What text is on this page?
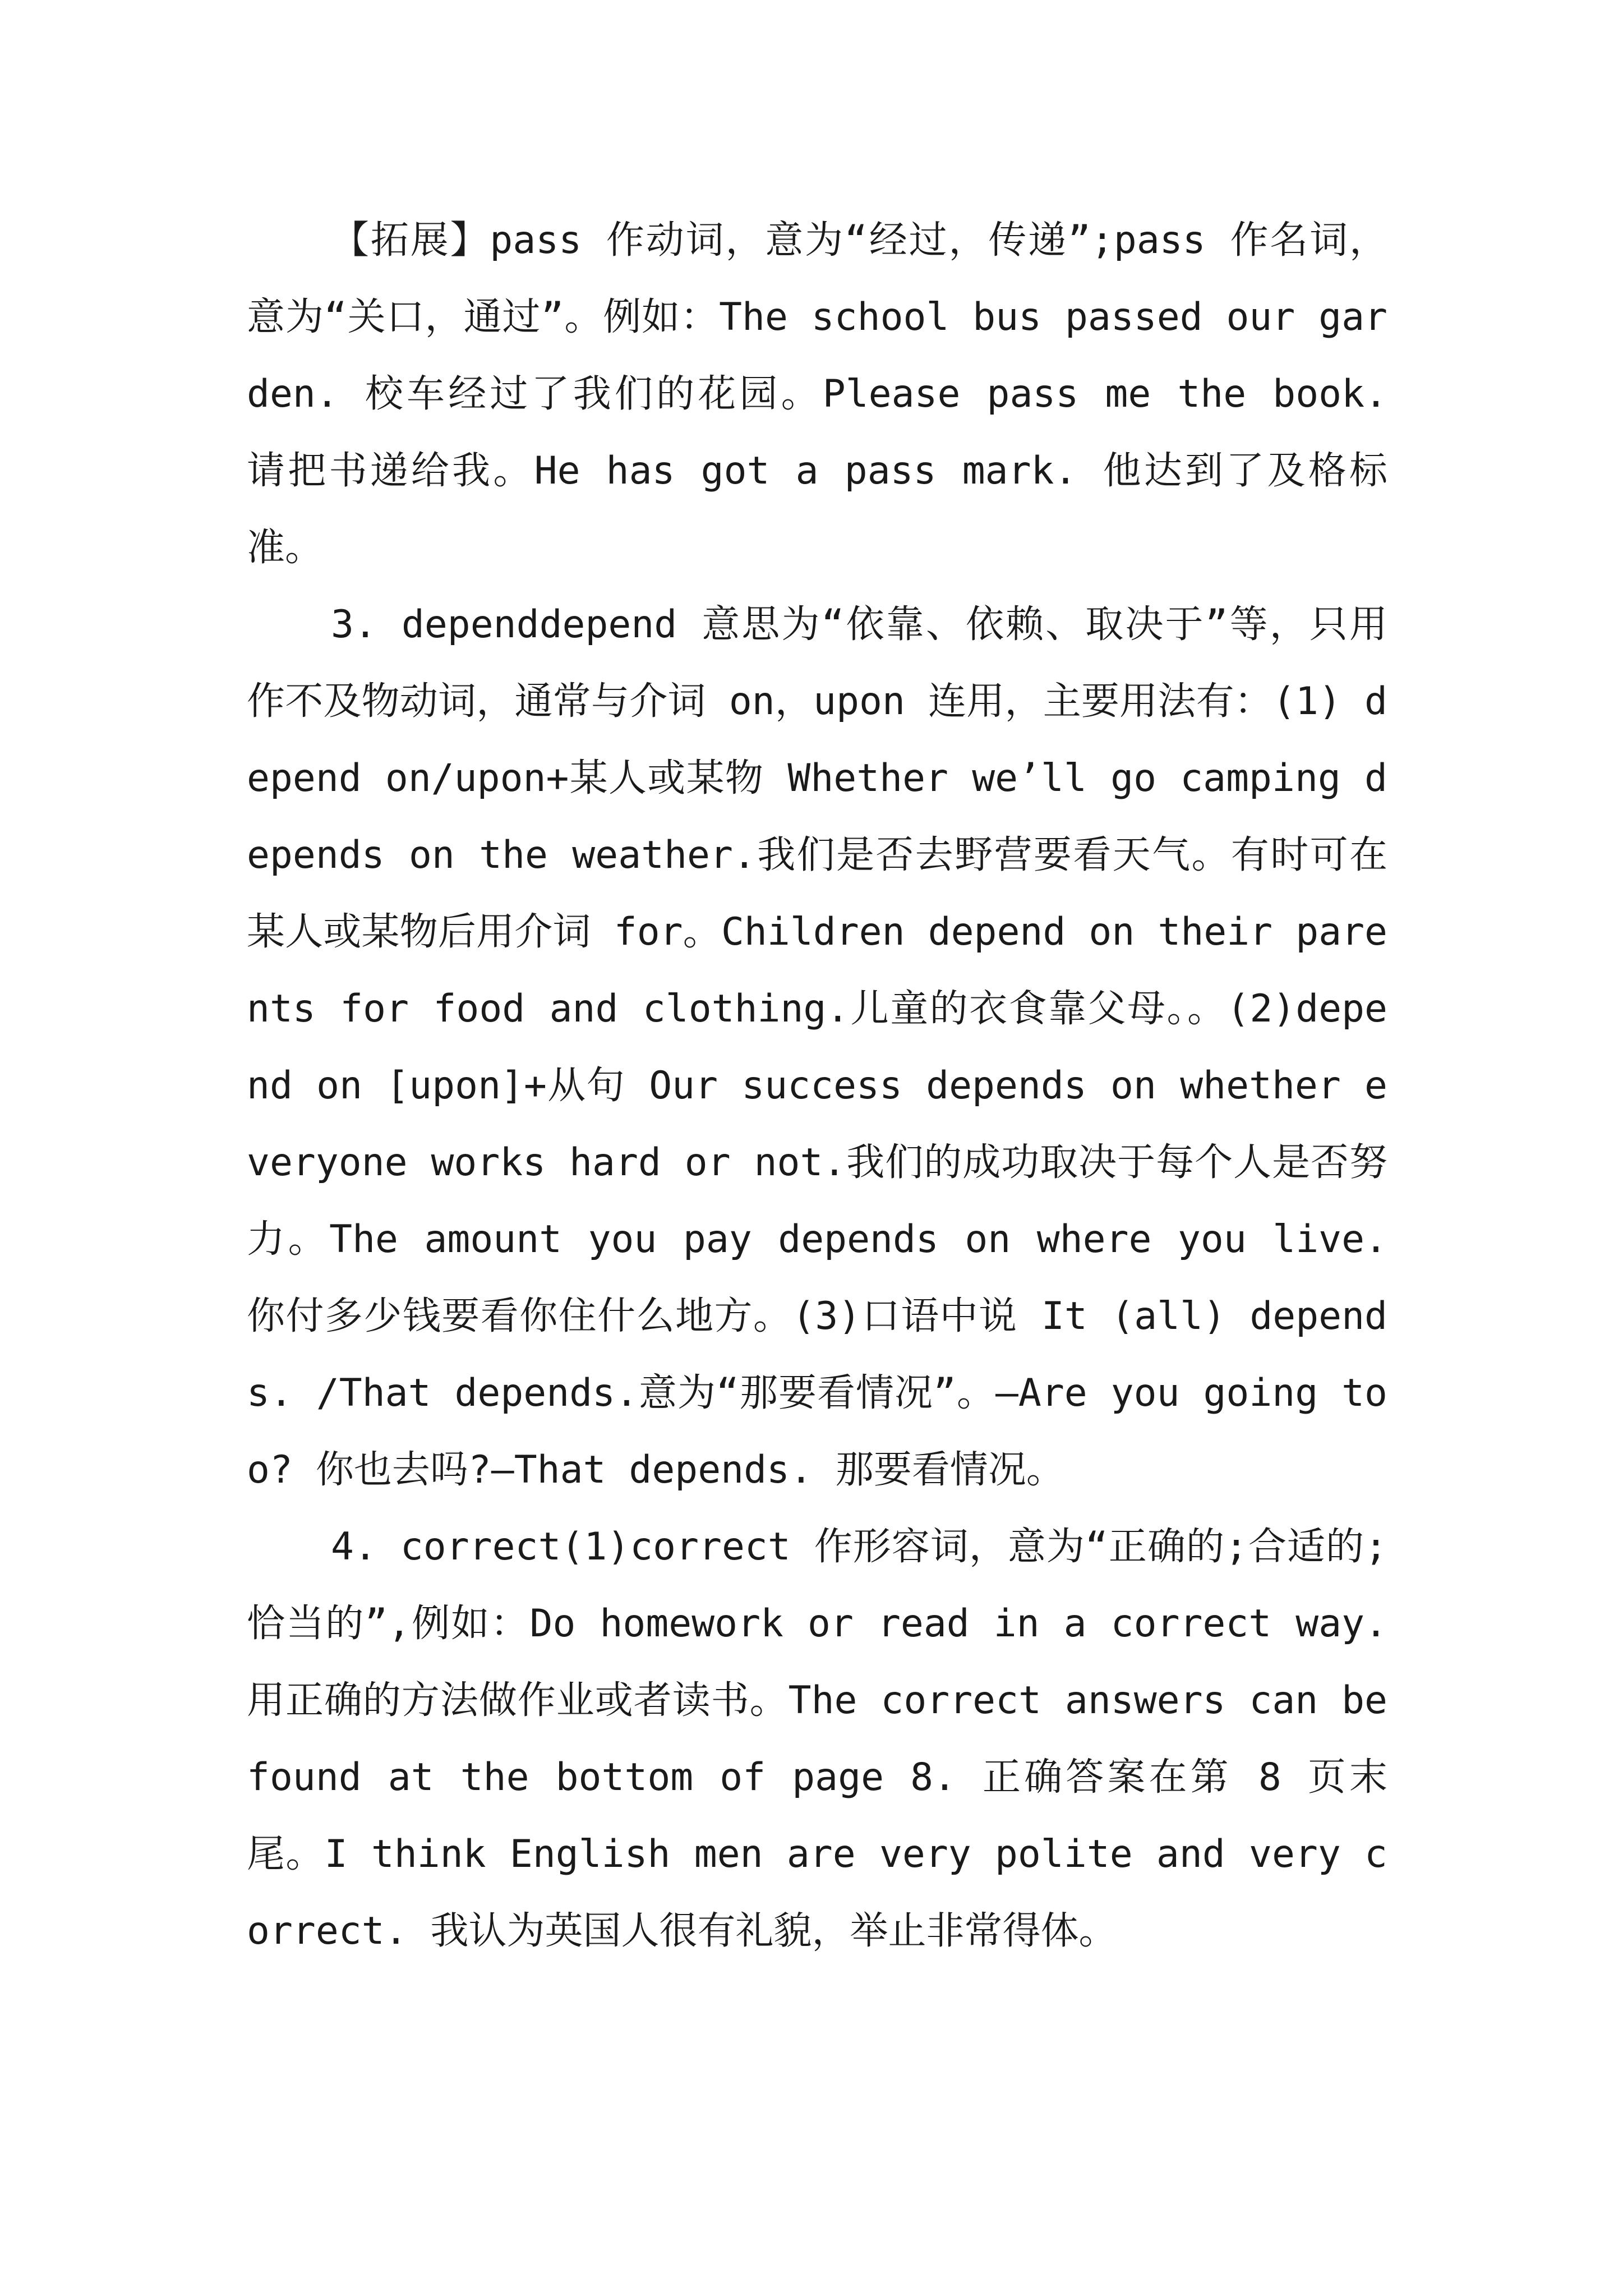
【拓展】pass 作动词，意为“经过，传递”;pass 作名词，意为“关口，通过”。例如：The school bus passed our garden. 校车经过了我们的花园。Please pass me the book. 请把书递给我。He has got a pass mark. 他达到了及格标准。

3. dependdepend 意思为“依靠、依赖、取决于”等，只用作不及物动词，通常与介词 on，upon 连用，主要用法有：(1) depend on/upon+某人或某物 Whether we’ll go camping depends on the weather.我们是否去野营要看天气。有时可在某人或某物后用介词 for。Children depend on their parents for food and clothing.儿童的衣食靠父母。。(2)depend on [upon]+从句 Our success depends on whether everyone works hard or not.我们的成功取决于每个人是否努力。The amount you pay depends on where you live.你付多少钱要看你住什么地方。(3)口语中说 It (all) depends. /That depends.意为“那要看情况”。—Are you going too? 你也去吗?—That depends. 那要看情况。

4. correct(1)correct 作形容词，意为“正确的;合适的;恰当的”,例如：Do homework or read in a correct way. 用正确的方法做作业或者读书。The correct answers can be found at the bottom of page 8. 正确答案在第 8 页末尾。I think English men are very polite and very correct. 我认为英国人很有礼貌，举止非常得体。
